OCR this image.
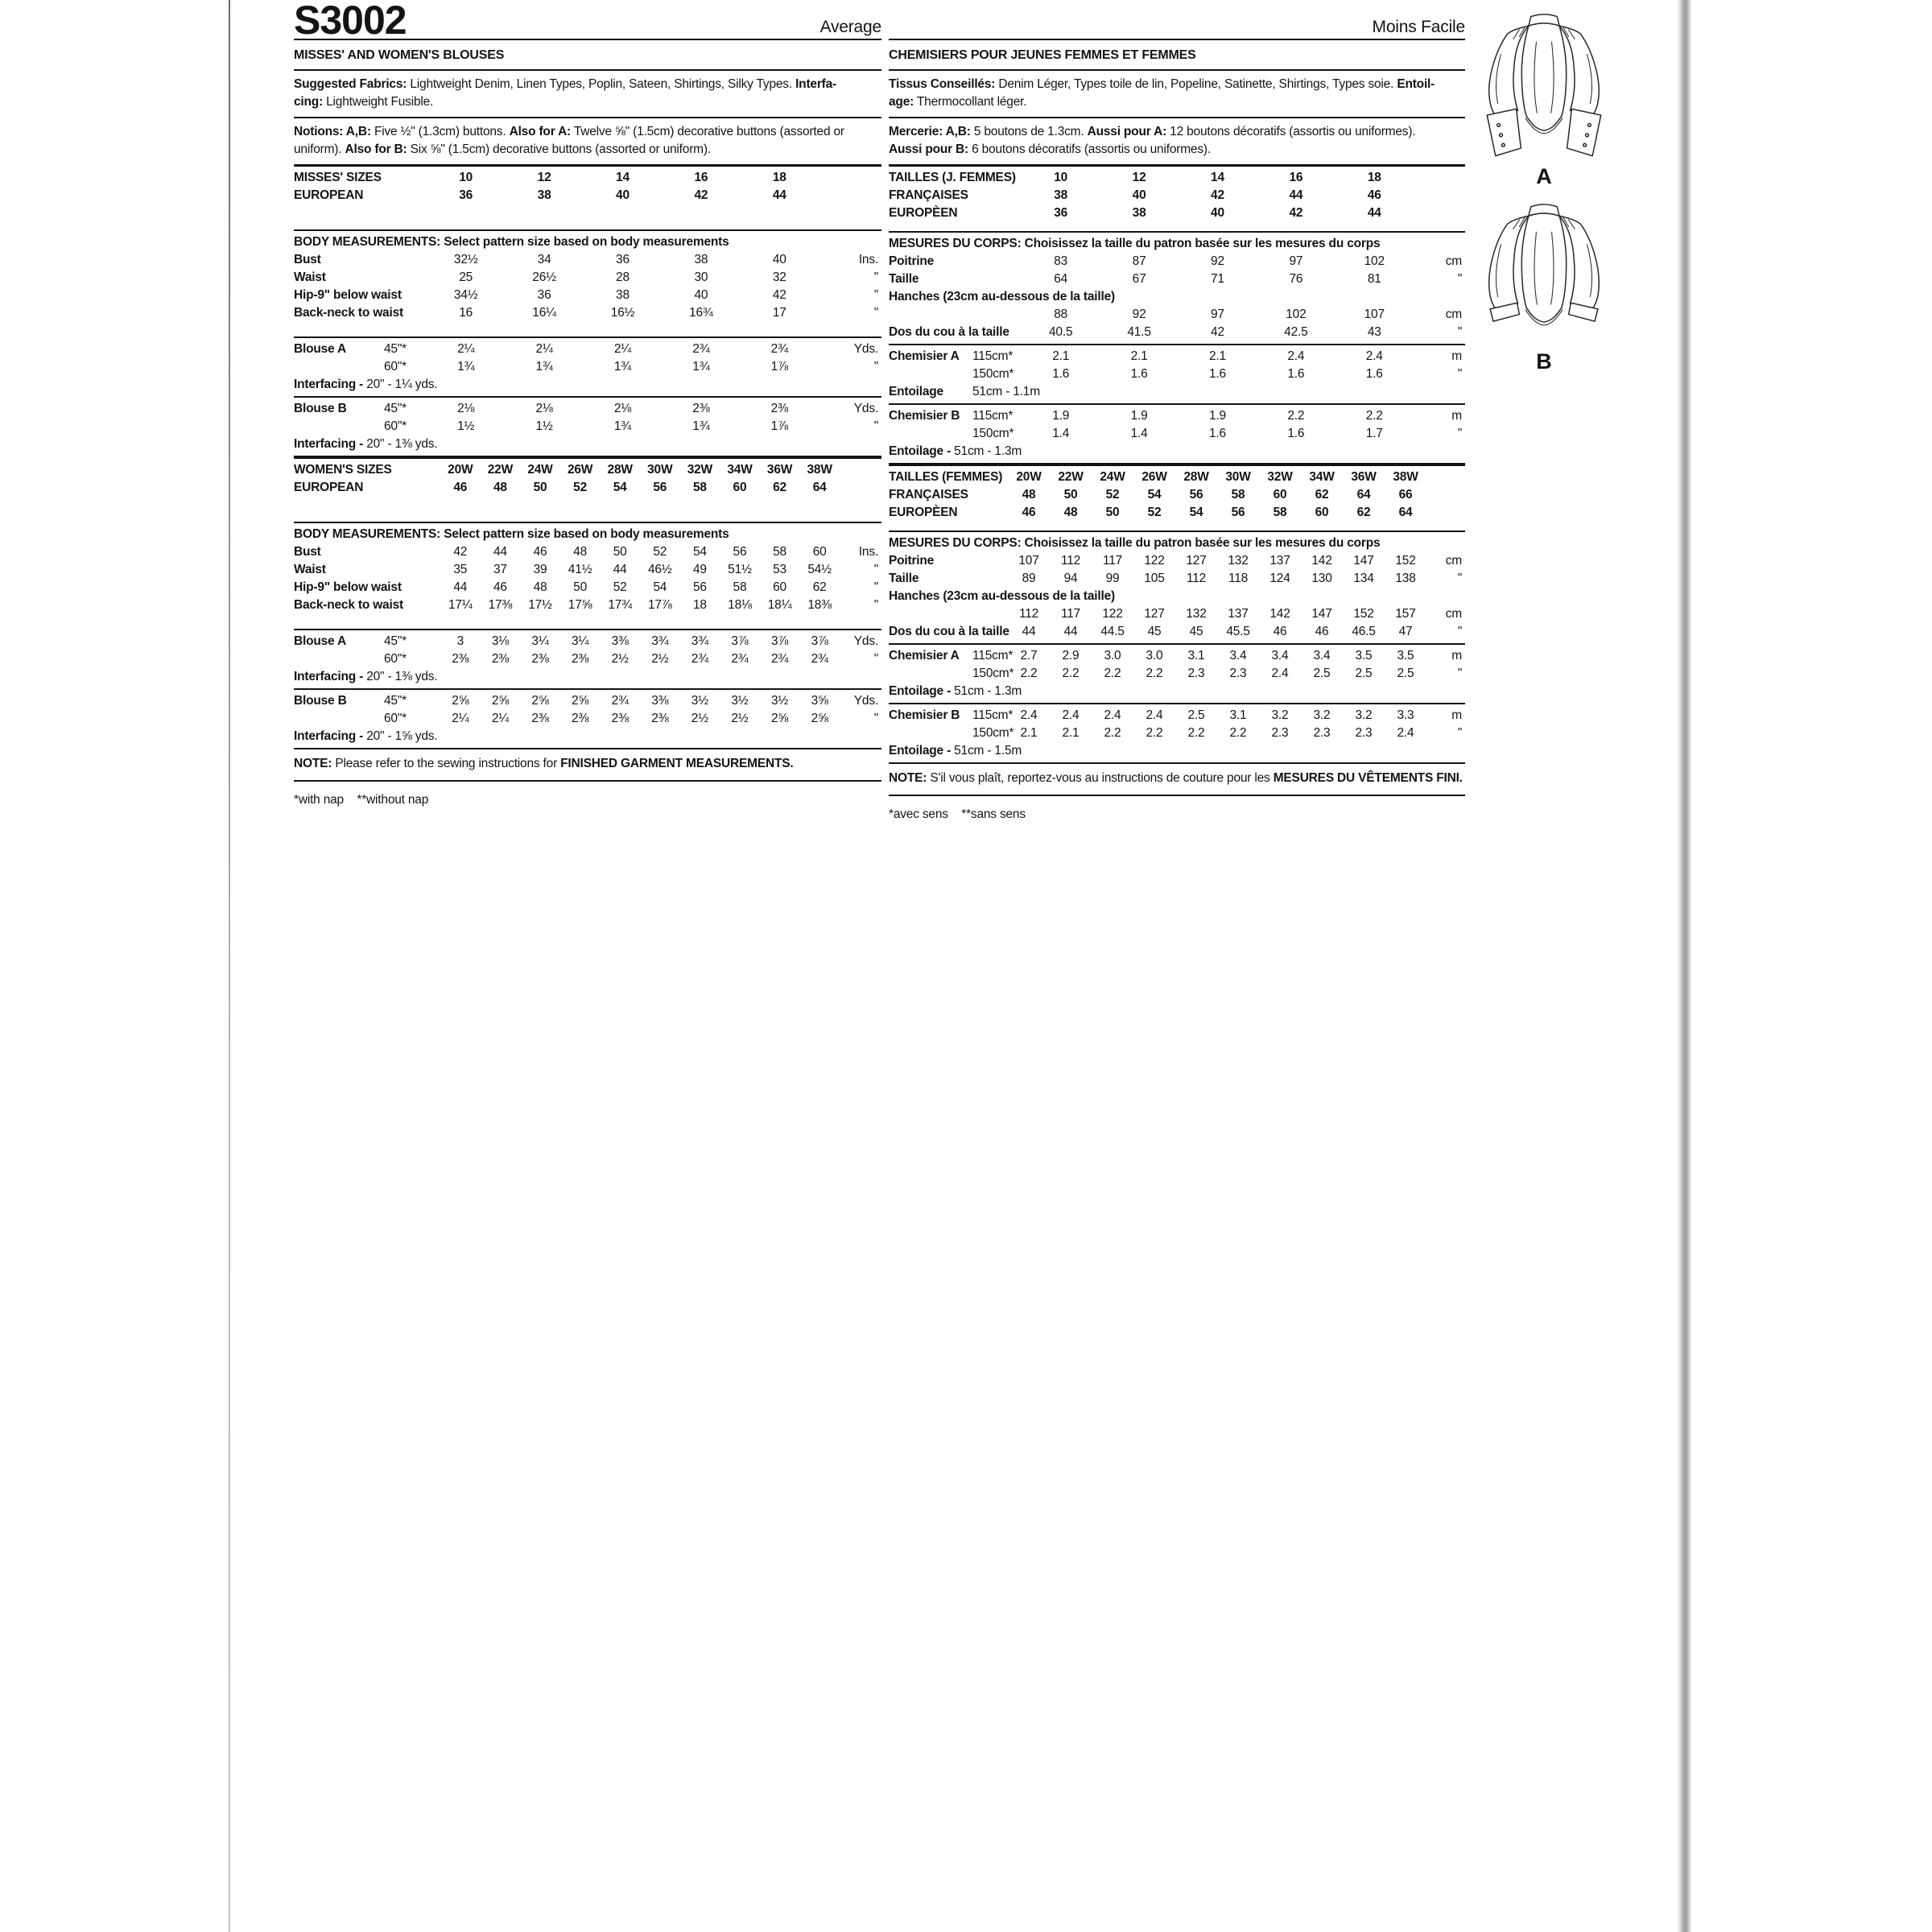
S3002	Average
MISSES' AND WOMEN'S BLOUSES
Suggested Fabrics: Lightweight Denim, Linen Types, Poplin, Sateen, Shirtings, Silky Types. Interfa-
cing: Lightweight Fusible.
Notions: A,B: Five ½" (1.3cm) buttons. Also for A: Twelve ⅝" (1.5cm) decorative buttons (assorted or
uniform). Also for B: Six ⅝" (1.5cm) decorative buttons (assorted or uniform).
MISSES' SIZES	10	12	14	16	18
EUROPEAN	36	38	40	42	44
BODY MEASUREMENTS: Select pattern size based on body measurements
Bust	32½	34	36	38	40	Ins.
Waist	25	26½	28	30	32	"
Hip-9" below waist	34½	36	38	40	42	"
Back-neck to waist	16	16¼	16½	16¾	17	"
Blouse A	45"*	2¼	2¼	2¼	2¾	2¾	Yds.
60"*	1¾	1¾	1¾	1¾	1⅞	"
Interfacing - 20" - 1¼ yds.
Blouse B	45"*	2⅛	2⅛	2⅛	2⅜	2⅜	Yds.
60"*	1½	1½	1¾	1¾	1⅞	"
Interfacing - 20" - 1⅜ yds.
WOMEN'S SIZES	20W	22W	24W	26W	28W	30W	32W	34W	36W	38W
EUROPEAN	46	48	50	52	54	56	58	60	62	64
BODY MEASUREMENTS: Select pattern size based on body measurements
Bust	42	44	46	48	50	52	54	56	58	60	Ins.
Waist	35	37	39	41½	44	46½	49	51½	53	54½	"
Hip-9" below waist	44	46	48	50	52	54	56	58	60	62	"
Back-neck to waist	17¼	17⅜	17½	17⅝	17¾	17⅞	18	18⅛	18¼	18⅜	"
Blouse A	45"*	3	3⅛	3¼	3¼	3⅜	3¾	3¾	3⅞	3⅞	3⅞	Yds.
60"*	2⅜	2⅜	2⅜	2⅜	2½	2½	2¾	2¾	2¾	2¾	"
Interfacing - 20" - 1⅜ yds.
Blouse B	45"*	2⅝	2⅝	2⅝	2⅝	2¾	3⅜	3½	3½	3½	3⅝	Yds.
60"*	2¼	2¼	2⅜	2⅜	2⅜	2⅜	2½	2½	2⅝	2⅝	"
Interfacing - 20" - 1⅝ yds.
NOTE: Please refer to the sewing instructions for FINISHED GARMENT MEASUREMENTS.
*with nap    **without nap
Moins Facile
CHEMISIERS POUR JEUNES FEMMES ET FEMMES
Tissus Conseillés: Denim Léger, Types toile de lin, Popeline, Satinette, Shirtings, Types soie. Entoil-
age: Thermocollant léger.
Mercerie: A,B: 5 boutons de 1.3cm. Aussi pour A: 12 boutons décoratifs (assortis ou uniformes).
Aussi pour B: 6 boutons décoratifs (assortis ou uniformes).
TAILLES (J. FEMMES)	10	12	14	16	18
FRANÇAISES	38	40	42	44	46
EUROPÈEN	36	38	40	42	44
MESURES DU CORPS: Choisissez la taille du patron basée sur les mesures du corps
Poitrine	83	87	92	97	102	cm
Taille	64	67	71	76	81	"
Hanches (23cm au-dessous de la taille)
88	92	97	102	107	cm
Dos du cou à la taille	40.5	41.5	42	42.5	43	"
Chemisier A 115cm*	2.1	2.1	2.1	2.4	2.4	m
150cm*	1.6	1.6	1.6	1.6	1.6	"
Entoilage 51cm - 1.1m
Chemisier B 115cm*	1.9	1.9	1.9	2.2	2.2	m
150cm*	1.4	1.4	1.6	1.6	1.7	"
Entoilage - 51cm - 1.3m
TAILLES (FEMMES)	20W	22W	24W	26W	28W	30W	32W	34W	36W	38W
FRANÇAISES	48	50	52	54	56	58	60	62	64	66
EUROPÈEN	46	48	50	52	54	56	58	60	62	64
MESURES DU CORPS: Choisissez la taille du patron basée sur les mesures du corps
Poitrine	107	112	117	122	127	132	137	142	147	152	cm
Taille	89	94	99	105	112	118	124	130	134	138	"
Hanches (23cm au-dessous de la taille)
112	117	122	127	132	137	142	147	152	157	cm
Dos du cou à la taille	44	44	44.5	45	45	45.5	46	46	46.5	47	"
Chemisier A 115cm* 2.7	2.9	3.0	3.0	3.1	3.4	3.4	3.4	3.5	3.5	m
150cm* 2.2	2.2	2.2	2.2	2.3	2.3	2.4	2.5	2.5	2.5	"
Entoilage - 51cm - 1.3m
Chemisier B 115cm* 2.4	2.4	2.4	2.4	2.5	3.1	3.2	3.2	3.2	3.3	m
150cm* 2.1	2.1	2.2	2.2	2.2	2.2	2.3	2.3	2.3	2.4	"
Entoilage - 51cm - 1.5m
NOTE: S'il vous plaît, reportez-vous au instructions de couture pour les MESURES DU VÊTEMENTS FINI.
*avec sens    **sans sens
A
B
